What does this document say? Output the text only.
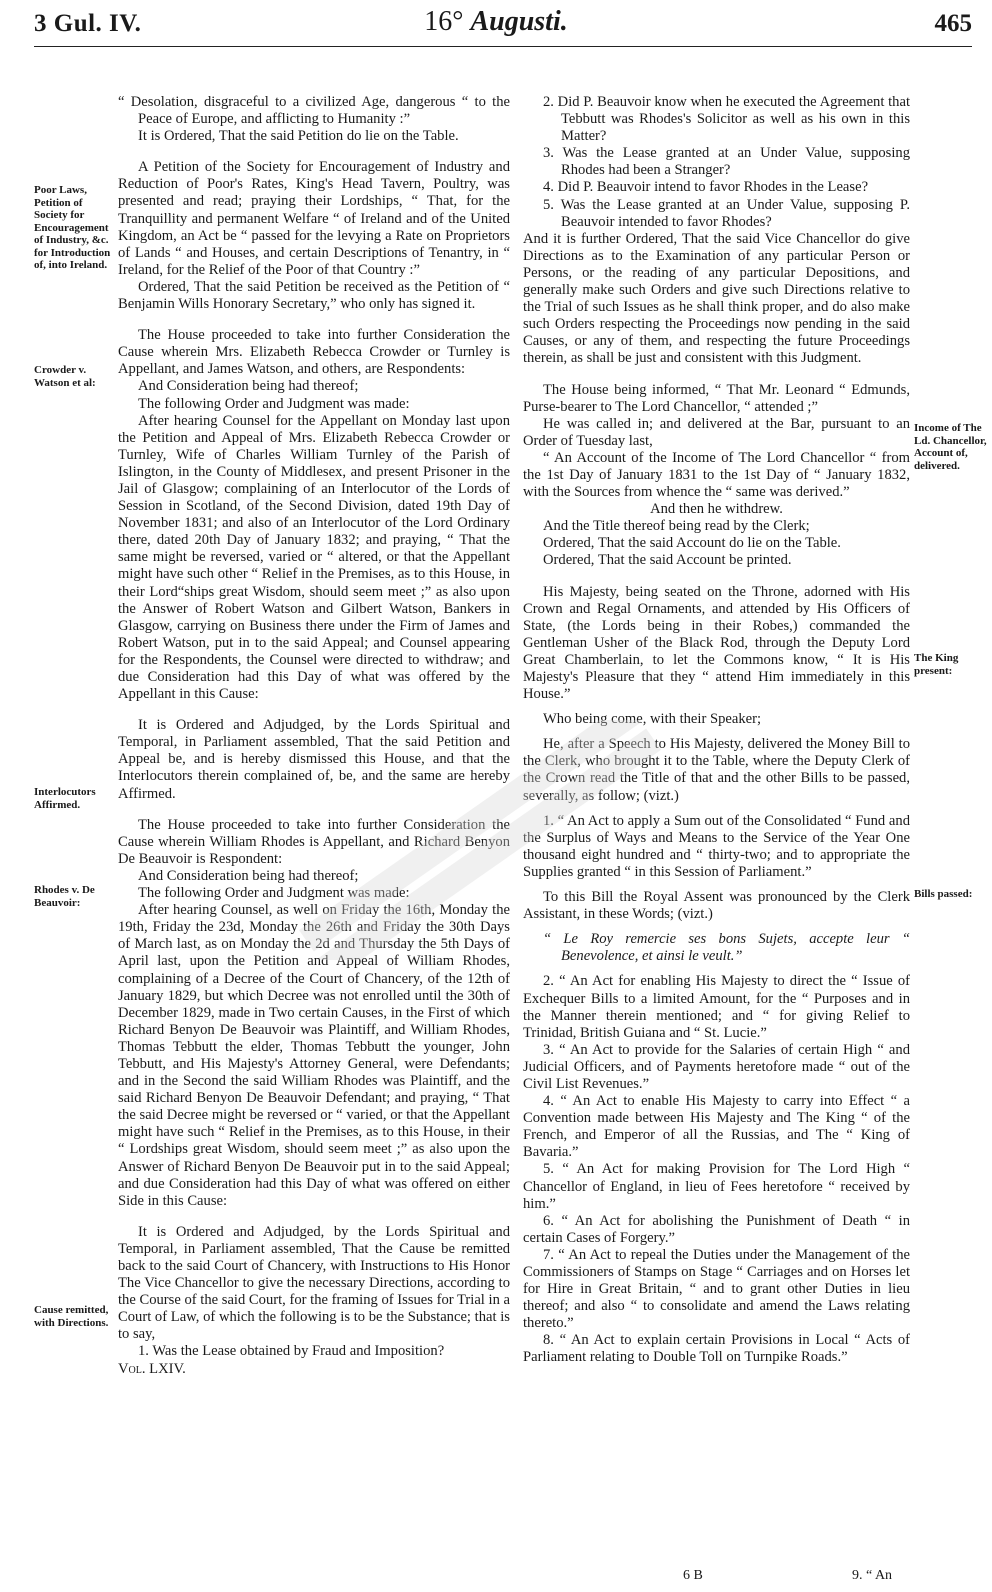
3 Gul. IV.	16° Augusti.	465
Poor Laws, Petition of Society for Encouragement of Industry, &c. for Introduction of, into Ireland.
Crowder v. Watson et al:
Interlocutors Affirmed.
Rhodes v. De Beauvoir:
Cause remitted, with Directions.
Income of The Ld. Chancellor, Account of, delivered.
The King present:
Bills passed:

“ Desolation, disgraceful to a civilized Age, dangerous “ to the Peace of Europe, and afflicting to Humanity :”

It is Ordered, That the said Petition do lie on the Table.

A Petition of the Society for Encouragement of Industry and Reduction of Poor's Rates, King's Head Tavern, Poultry, was presented and read; praying their Lordships, “ That, for the Tranquillity and permanent Welfare “ of Ireland and of the United Kingdom, an Act be “ passed for the levying a Rate on Proprietors of Lands “ and Houses, and certain Descriptions of Tenantry, in “ Ireland, for the Relief of the Poor of that Country :”

Ordered, That the said Petition be received as the Petition of “ Benjamin Wills Honorary Secretary,” who only has signed it.

The House proceeded to take into further Consideration the Cause wherein Mrs. Elizabeth Rebecca Crowder or Turnley is Appellant, and James Watson, and others, are Respondents:

And Consideration being had thereof;

The following Order and Judgment was made:

After hearing Counsel for the Appellant on Monday last upon the Petition and Appeal of Mrs. Elizabeth Rebecca Crowder or Turnley, Wife of Charles William Turnley of the Parish of Islington, in the County of Middlesex, and present Prisoner in the Jail of Glasgow; complaining of an Interlocutor of the Lords of Session in Scotland, of the Second Division, dated 19th Day of November 1831; and also of an Interlocutor of the Lord Ordinary there, dated 20th Day of January 1832; and praying, “ That the same might be reversed, varied or “ altered, or that the Appellant might have such other “ Relief in the Premises, as to this House, in their Lord“ships great Wisdom, should seem meet ;” as also upon the Answer of Robert Watson and Gilbert Watson, Bankers in Glasgow, carrying on Business there under the Firm of James and Robert Watson, put in to the said Appeal; and Counsel appearing for the Respondents, the Counsel were directed to withdraw; and due Consideration had this Day of what was offered by the Appellant in this Cause:

It is Ordered and Adjudged, by the Lords Spiritual and Temporal, in Parliament assembled, That the said Petition and Appeal be, and is hereby dismissed this House, and that the Interlocutors therein complained of, be, and the same are hereby Affirmed.

The House proceeded to take into further Consideration the Cause wherein William Rhodes is Appellant, and Richard Benyon De Beauvoir is Respondent:

And Consideration being had thereof;

The following Order and Judgment was made:

After hearing Counsel, as well on Friday the 16th, Monday the 19th, Friday the 23d, Monday the 26th and Friday the 30th Days of March last, as on Monday the 2d and Thursday the 5th Days of April last, upon the Petition and Appeal of William Rhodes, complaining of a Decree of the Court of Chancery, of the 12th of January 1829, but which Decree was not enrolled until the 30th of December 1829, made in Two certain Causes, in the First of which Richard Benyon De Beauvoir was Plaintiff, and William Rhodes, Thomas Tebbutt the elder, Thomas Tebbutt the younger, John Tebbutt, and His Majesty's Attorney General, were Defendants; and in the Second the said William Rhodes was Plaintiff, and the said Richard Benyon De Beauvoir Defendant; and praying, “ That the said Decree might be reversed or “ varied, or that the Appellant might have such “ Relief in the Premises, as to this House, in their “ Lordships great Wisdom, should seem meet ;” as also upon the Answer of Richard Benyon De Beauvoir put in to the said Appeal; and due Consideration had this Day of what was offered on either Side in this Cause:

It is Ordered and Adjudged, by the Lords Spiritual and Temporal, in Parliament assembled, That the Cause be remitted back to the said Court of Chancery, with Instructions to His Honor The Vice Chancellor to give the necessary Directions, according to the Course of the said Court, for the framing of Issues for Trial in a Court of Law, of which the following is to be the Substance; that is to say,

1. Was the Lease obtained by Fraud and Imposition?

Vol. LXIV.

2. Did P. Beauvoir know when he executed the Agreement that Tebbutt was Rhodes's Solicitor as well as his own in this Matter?

3. Was the Lease granted at an Under Value, supposing Rhodes had been a Stranger?

4. Did P. Beauvoir intend to favor Rhodes in the Lease?

5. Was the Lease granted at an Under Value, supposing P. Beauvoir intended to favor Rhodes?

And it is further Ordered, That the said Vice Chancellor do give Directions as to the Examination of any particular Person or Persons, or the reading of any particular Depositions, and generally make such Orders and give such Directions relative to the Trial of such Issues as he shall think proper, and do also make such Orders respecting the Proceedings now pending in the said Causes, or any of them, and respecting the future Proceedings therein, as shall be just and consistent with this Judgment.

The House being informed, “ That Mr. Leonard “ Edmunds, Purse-bearer to The Lord Chancellor, “ attended ;”

He was called in; and delivered at the Bar, pursuant to an Order of Tuesday last,

“ An Account of the Income of The Lord Chancellor “ from the 1st Day of January 1831 to the 1st Day of “ January 1832, with the Sources from whence the “ same was derived.”

And then he withdrew.

And the Title thereof being read by the Clerk;

Ordered, That the said Account do lie on the Table.

Ordered, That the said Account be printed.

His Majesty, being seated on the Throne, adorned with His Crown and Regal Ornaments, and attended by His Officers of State, (the Lords being in their Robes,) commanded the Gentleman Usher of the Black Rod, through the Deputy Lord Great Chamberlain, to let the Commons know, “ It is His Majesty's Pleasure that they “ attend Him immediately in this House.”

Who being come, with their Speaker;

He, after a Speech to His Majesty, delivered the Money Bill to the Clerk, who brought it to the Table, where the Deputy Clerk of the Crown read the Title of that and the other Bills to be passed, severally, as follow; (vizt.)

1. “ An Act to apply a Sum out of the Consolidated “ Fund and the Surplus of Ways and Means to the Service of the Year One thousand eight hundred and “ thirty-two; and to appropriate the Supplies granted “ in this Session of Parliament.”

To this Bill the Royal Assent was pronounced by the Clerk Assistant, in these Words; (vizt.)

“ Le Roy remercie ses bons Sujets, accepte leur “ Benevolence, et ainsi le veult.”

2. “ An Act for enabling His Majesty to direct the “ Issue of Exchequer Bills to a limited Amount, for the “ Purposes and in the Manner therein mentioned; and “ for giving Relief to Trinidad, British Guiana and “ St. Lucie.”

3. “ An Act to provide for the Salaries of certain High “ and Judicial Officers, and of Payments heretofore made “ out of the Civil List Revenues.”

4. “ An Act to enable His Majesty to carry into Effect “ a Convention made between His Majesty and The King “ of the French, and Emperor of all the Russias, and The “ King of Bavaria.”

5. “ An Act for making Provision for The Lord High “ Chancellor of England, in lieu of Fees heretofore “ received by him.”

6. “ An Act for abolishing the Punishment of Death “ in certain Cases of Forgery.”

7. “ An Act to repeal the Duties under the Management of the Commissioners of Stamps on Stage “ Carriages and on Horses let for Hire in Great Britain, “ and to grant other Duties in lieu thereof; and also “ to consolidate and amend the Laws relating thereto.”

8. “ An Act to explain certain Provisions in Local “ Acts of Parliament relating to Double Toll on Turnpike Roads.”

6 B	9. “ An
